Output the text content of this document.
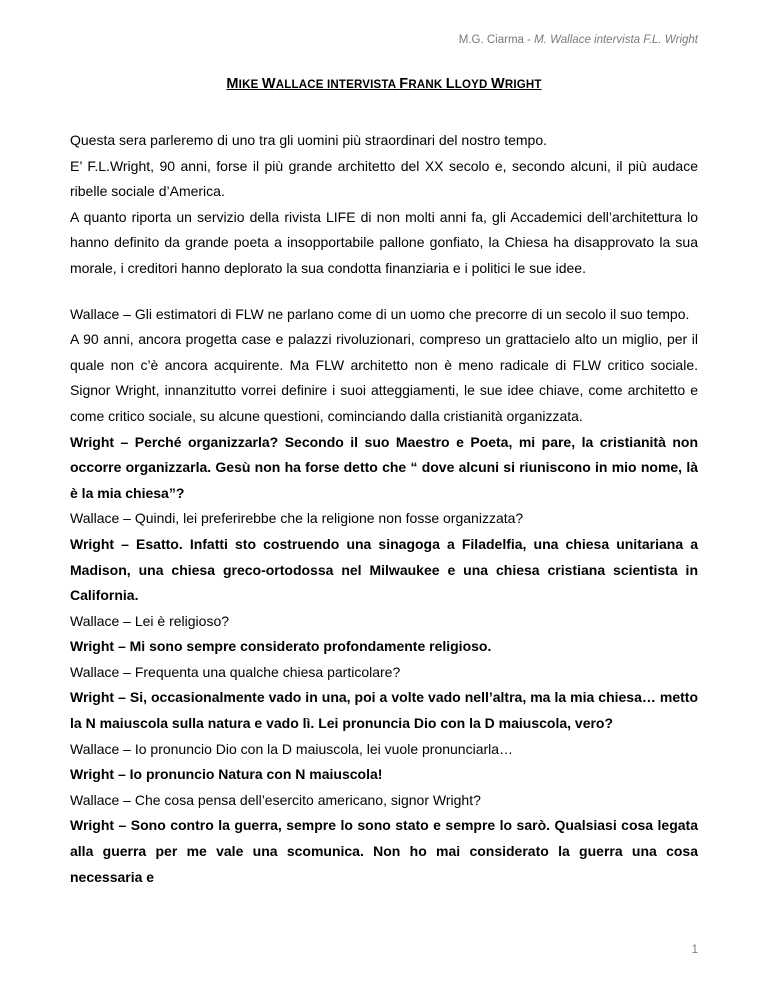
M.G. Ciarma - M. Wallace intervista F.L. Wright
MIKE WALLACE INTERVISTA FRANK LLOYD WRIGHT

Questa sera parleremo di uno tra gli uomini più straordinari del nostro tempo.

E’ F.L.Wright, 90 anni, forse il più grande architetto del XX secolo e, secondo alcuni, il più audace ribelle sociale d’America.

A quanto riporta un servizio della rivista LIFE di non molti anni fa, gli Accademici dell’architettura lo hanno definito da grande poeta a insopportabile pallone gonfiato, la Chiesa ha disapprovato la sua morale, i creditori hanno deplorato la sua condotta finanziaria e i politici le sue idee.

Wallace – Gli estimatori di FLW ne parlano come di un uomo che precorre di un secolo il suo tempo.

A 90 anni, ancora progetta case e palazzi rivoluzionari, compreso un grattacielo alto un miglio, per il quale non c’è ancora acquirente. Ma FLW architetto non è meno radicale di FLW critico sociale. Signor Wright, innanzitutto vorrei definire i suoi atteggiamenti, le sue idee chiave, come architetto e come critico sociale, su alcune questioni, cominciando dalla cristianità organizzata.

Wright – Perché organizzarla? Secondo il suo Maestro e Poeta, mi pare, la cristianità non occorre organizzarla. Gesù non ha forse detto che “ dove alcuni si riuniscono in mio nome, là è la mia chiesa”?

Wallace – Quindi, lei preferirebbe che la religione non fosse organizzata?

Wright – Esatto. Infatti sto costruendo una sinagoga a Filadelfia, una chiesa unitariana a Madison, una chiesa greco-ortodossa nel Milwaukee e una chiesa cristiana scientista in California.

Wallace – Lei è religioso?

Wright – Mi sono sempre considerato profondamente religioso.

Wallace – Frequenta una qualche chiesa particolare?

Wright – Si, occasionalmente vado in una, poi a volte vado nell’altra, ma la mia chiesa… metto la N maiuscola sulla natura e vado lì. Lei pronuncia Dio con la D maiuscola, vero?

Wallace – Io pronuncio Dio con la D maiuscola, lei vuole pronunciarla…

Wright – Io pronuncio Natura con N maiuscola!

Wallace – Che cosa pensa dell’esercito americano, signor Wright?

Wright – Sono contro la guerra, sempre lo sono stato e sempre lo sarò. Qualsiasi cosa legata alla guerra per me vale una scomunica. Non ho mai considerato la guerra una cosa necessaria e

1
